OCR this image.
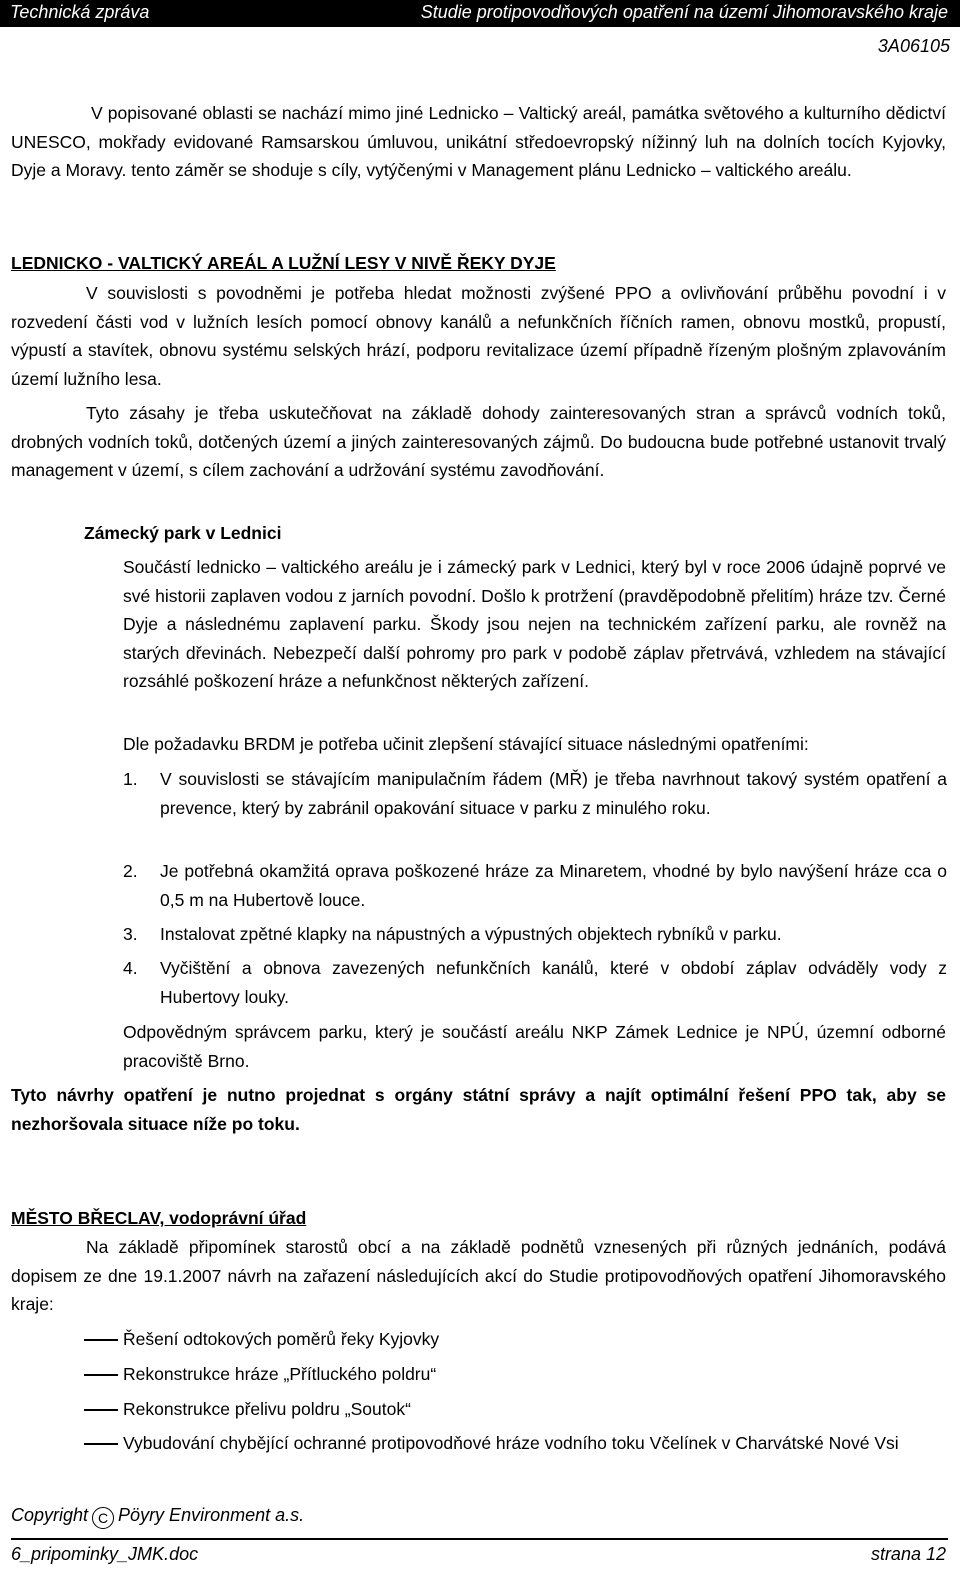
Technická zpráva	Studie protipovodňových opatření na území Jihomoravského kraje
3A06105
V popisované oblasti se nachází mimo jiné Lednicko – Valtický areál, památka světového a kulturního dědictví UNESCO, mokřady evidované Ramsarskou úmluvou, unikátní středoevropský nížinný luh na dolních tocích Kyjovky, Dyje a Moravy. tento záměr se shoduje s cíly, vytýčenými v Management plánu Lednicko – valtického areálu.
LEDNICKO - VALTICKÝ AREÁL A LUŽNÍ LESY V NIVĚ ŘEKY DYJE
V souvislosti s povodněmi je potřeba hledat možnosti zvýšené PPO a ovlivňování průběhu povodní i v rozvedení části vod v lužních lesích pomocí obnovy kanálů a nefunkčních říčních ramen, obnovu mostků, propustí, výpustí a stavítek, obnovu systému selských hrází, podporu revitalizace území případně řízeným plošným zplavováním území lužního lesa.
Tyto zásahy je třeba uskutečňovat na základě dohody zainteresovaných stran a správců vodních toků, drobných vodních toků, dotčených území a jiných zainteresovaných zájmů. Do budoucna bude potřebné ustanovit trvalý management v území, s cílem zachování a udržování systému zavodňování.
Zámecký park v Lednici
Součástí lednicko – valtického areálu je i zámecký park v Lednici, který byl v roce 2006 údajně poprvé ve své historii zaplaven vodou z jarních povodní. Došlo k protržení (pravděpodobně přelitím) hráze tzv. Černé Dyje a následnému zaplavení parku. Škody jsou nejen na technickém zařízení parku, ale rovněž na starých dřevinách. Nebezpečí další pohromy pro park v podobě záplav přetrvává, vzhledem na stávající rozsáhlé poškození hráze a nefunkčnost některých zařízení.
Dle požadavku BRDM je potřeba učinit zlepšení stávající situace následnými opatřeními:
1. V souvislosti se stávajícím manipulačním řádem (MŘ) je třeba navrhnout takový systém opatření a prevence, který by zabránil opakování situace v parku z minulého roku.
2. Je potřebná okamžitá oprava poškozené hráze za Minaretem, vhodné by bylo navýšení hráze cca o 0,5 m na Hubertově louce.
3. Instalovat zpětné klapky na nápustných a výpustných objektech rybníků v parku.
4. Vyčištění a obnova zavezených nefunkčních kanálů, které v období záplav odváděly vody z Hubertovy louky.
Odpovědným správcem parku, který je součástí areálu NKP Zámek Lednice je NPÚ, územní odborné pracoviště Brno.
Tyto návrhy opatření je nutno projednat s orgány státní správy a najít optimální řešení PPO tak, aby se nezhoršovala situace níže po toku.
MĚSTO BŘECLAV, vodoprávní úřad
Na základě připomínek starostů obcí a na základě podnětů vznesených při různých jednáních, podává dopisem ze dne 19.1.2007 návrh na zařazení následujících akcí do Studie protipovodňových opatření Jihomoravského kraje:
Řešení odtokových poměrů řeky Kyjovky
Rekonstrukce hráze „Přítluckého poldru“
Rekonstrukce přelivu poldru „Soutok“
Vybudování chybějící ochranné protipovodňové hráze vodního toku Včelínek v Charvátské Nové Vsi
Copyright C Pöyry Environment a.s.
6_pripominky_JMK.doc	strana 12
